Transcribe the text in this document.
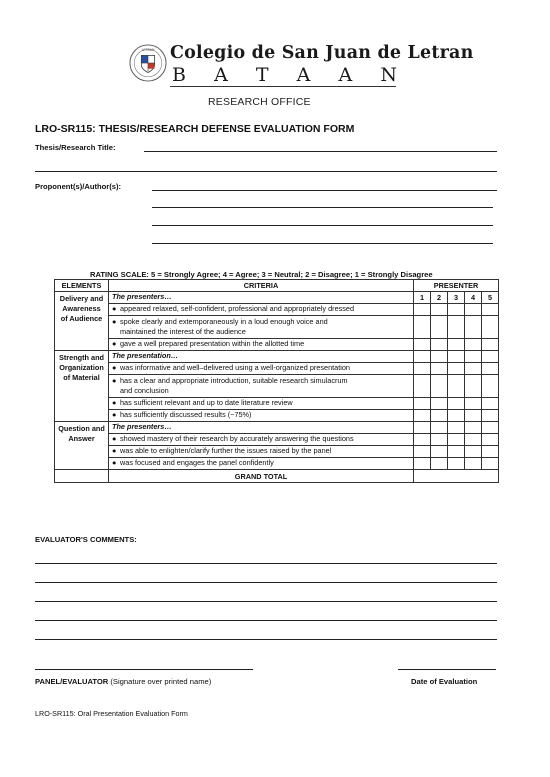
LETRAN Colegio de San Juan de Letran
B A T A A N
RESEARCH OFFICE
LRO-SR115: THESIS/RESEARCH DEFENSE EVALUATION FORM
Thesis/Research Title:
Proponent(s)/Author(s):
RATING SCALE: 5 = Strongly Agree; 4 = Agree; 3 = Neutral; 2 = Disagree; 1 = Strongly Disagree
ELEMENTS	CRITERIA	PRESENTER				
Delivery and Awareness of Audience	The presenters…	1	2	3	4	5
	● appeared relaxed, self-confident, professional and appropriately dressed					
	● spoke clearly and extemporaneously in a loud enough voice and
maintained the interest of the audience					

	● gave a well prepared presentation within the allotted time					
Strength and Organization of Material	The presentation…					
	● was informative and well–delivered using a well-organized presentation					
	● has a clear and appropriate introduction, suitable research simulacrum
and conclusion					

	● has sufficient relevant and up to date literature review					
	● has sufficiently discussed results (~75%)					
Question and Answer	The presenters…					
	● showed mastery of their research by accurately answering the questions					
	● was able to enlighten/clarify further the issues raised by the panel					
	● was focused and engages the panel confidently					
	GRAND TOTAL					
EVALUATOR'S COMMENTS:
PANEL/EVALUATOR (Signature over printed name)	Date of Evaluation
LRO-SR115: Oral Presentation Evaluation Form
